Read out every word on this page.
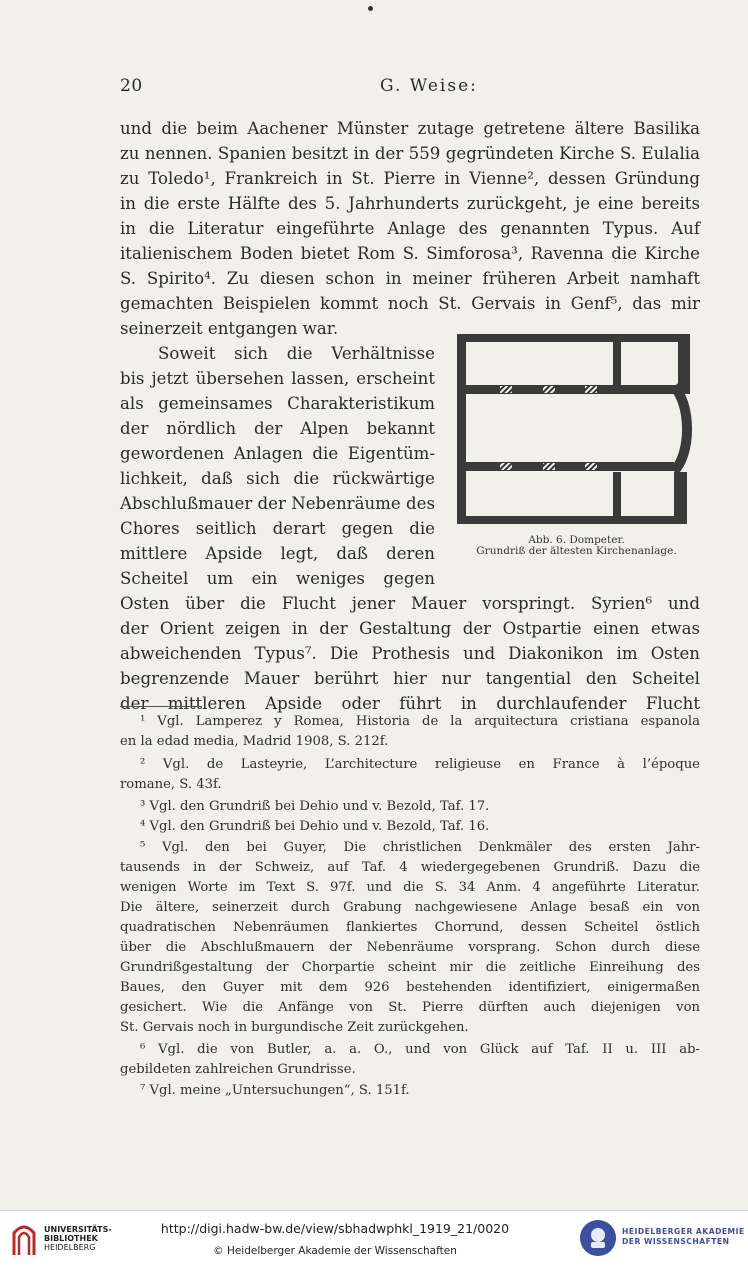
20	G. Weise:
und die beim Aachener Münster zutage getretene ältere Basilika
zu nennen. Spanien besitzt in der 559 gegründeten Kirche S. Eulalia
zu Toledo¹, Frankreich in St. Pierre in Vienne², dessen Gründung
in die erste Hälfte des 5. Jahrhunderts zurückgeht, je eine bereits
in die Literatur eingeführte Anlage des genannten Typus. Auf
italienischem Boden bietet Rom S. Simforosa³, Ravenna die Kirche
S. Spirito⁴. Zu diesen schon in meiner früheren Arbeit namhaft
gemachten Beispielen kommt noch St. Gervais in Genf⁵, das mir
seinerzeit entgangen war.
Soweit sich die Verhältnisse
bis jetzt übersehen lassen, erscheint
als gemeinsames Charakteristikum
der nördlich der Alpen bekannt
gewordenen Anlagen die Eigentüm-
lichkeit, daß sich die rückwärtige
Abschlußmauer der Nebenräume des
Chores seitlich derart gegen die
mittlere Apside legt, daß deren
Scheitel um ein weniges gegen
Osten über die Flucht jener Mauer vorspringt. Syrien⁶ und
der Orient zeigen in der Gestaltung der Ostpartie einen etwas
abweichenden Typus⁷. Die Prothesis und Diakonikon im Osten
begrenzende Mauer berührt hier nur tangential den Scheitel
der mittleren Apside oder führt in durchlaufender Flucht
Abb. 6. Dompeter.
Grundriß der ältesten Kirchenanlage.
¹ Vgl. Lamperez y Romea, Historia de la arquitectura cristiana espanola
en la edad media, Madrid 1908, S. 212f.
² Vgl. de Lasteyrie, L’architecture religieuse en France à l’époque
romane, S. 43f.
³ Vgl. den Grundriß bei Dehio und v. Bezold, Taf. 17.
⁴ Vgl. den Grundriß bei Dehio und v. Bezold, Taf. 16.
⁵ Vgl. den bei Guyer, Die christlichen Denkmäler des ersten Jahr-
tausends in der Schweiz, auf Taf. 4 wiedergegebenen Grundriß. Dazu die
wenigen Worte im Text S. 97f. und die S. 34 Anm. 4 angeführte Literatur.
Die ältere, seinerzeit durch Grabung nachgewiesene Anlage besaß ein von
quadratischen Nebenräumen flankiertes Chorrund, dessen Scheitel östlich
über die Abschlußmauern der Nebenräume vorsprang. Schon durch diese
Grundrißgestaltung der Chorpartie scheint mir die zeitliche Einreihung des
Baues, den Guyer mit dem 926 bestehenden identifiziert, einigermaßen
gesichert. Wie die Anfänge von St. Pierre dürften auch diejenigen von
St. Gervais noch in burgundische Zeit zurückgehen.
⁶ Vgl. die von Butler, a. a. O., und von Glück auf Taf. II u. III ab-
gebildeten zahlreichen Grundrisse.
⁷ Vgl. meine „Untersuchungen“, S. 151f.
UNIVERSITÄTS-
BIBLIOTHEK
HEIDELBERG
http://digi.hadw-bw.de/view/sbhadwphkl_1919_21/0020
© Heidelberger Akademie der Wissenschaften
HEIDELBERGER AKADEMIE
DER WISSENSCHAFTEN
